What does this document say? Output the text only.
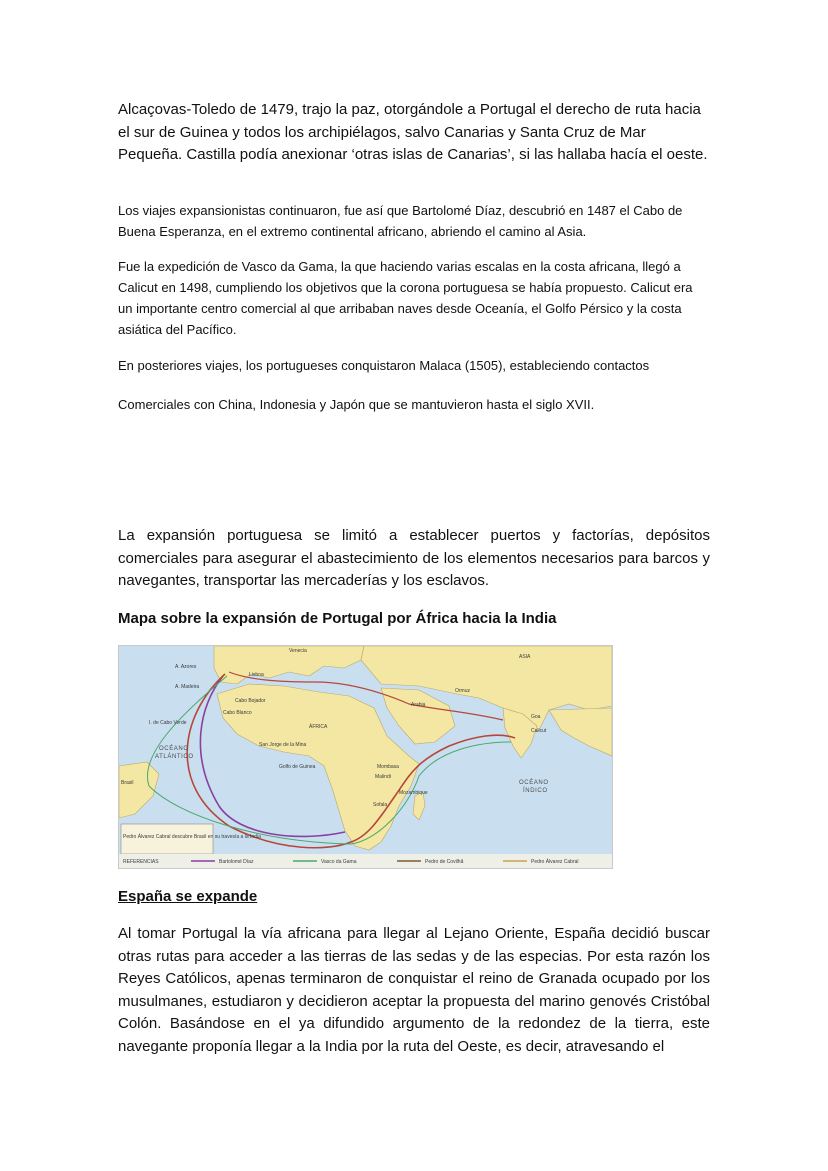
Alcaçovas-Toledo de 1479, trajo la paz, otorgándole a Portugal el derecho de ruta hacia el sur de Guinea y todos los archipiélagos, salvo Canarias y Santa Cruz de Mar Pequeña. Castilla podía anexionar ‘otras islas de Canarias’, si las hallaba hacía el oeste.

Los viajes expansionistas continuaron, fue así que Bartolomé Díaz, descubrió en 1487 el Cabo de Buena Esperanza, en el extremo continental africano, abriendo el camino al Asia.

Fue la expedición de Vasco da Gama, la que haciendo varias escalas en la costa africana, llegó a Calicut en 1498, cumpliendo los objetivos que la corona portuguesa se había propuesto. Calicut era un importante centro comercial al que arribaban naves desde Oceanía, el Golfo Pérsico y la costa asiática del Pacífico.

En posteriores viajes, los portugueses conquistaron Malaca (1505), estableciendo contactos

Comerciales con China, Indonesia y Japón que se mantuvieron hasta el siglo XVII.

La expansión portuguesa se limitó a establecer puertos y factorías, depósitos comerciales para asegurar el abastecimiento de los elementos necesarios para barcos y navegantes, transportar las mercaderías y los esclavos.

Mapa sobre la expansión de Portugal por África hacia la India

ÁFRICA
ASIA
OCÉANO
ATLÁNTICO
OCÉANO
ÍNDICO
Brasil
Arabia
Ormuz
Calicut
Goa
Mozambique
Sofala
Mombasa
Malindi
Lisboa
A. Azores
A. Madeira
I. de Cabo Verde
Golfo de Guinea
San Jorge de la Mina
Cabo Bojador
Cabo Blanco
Venecia
Pedro Álvarez Cabral descubre Brasil en su travesía a la India
REFERENCIAS	Bartolomé Díaz	Vasco da Gama	Pedro de Covilhã	Pedro Álvarez Cabral

España se expande

Al tomar Portugal la vía africana para llegar al Lejano Oriente, España decidió buscar otras rutas para acceder a las tierras de las sedas y de las especias. Por esta razón los Reyes Católicos, apenas terminaron de conquistar el reino de Granada ocupado por los musulmanes, estudiaron y decidieron aceptar la propuesta del marino genovés Cristóbal Colón. Basándose en el ya difundido argumento de la redondez de la tierra, este navegante proponía llegar a la India por la ruta del Oeste, es decir, atravesando el
